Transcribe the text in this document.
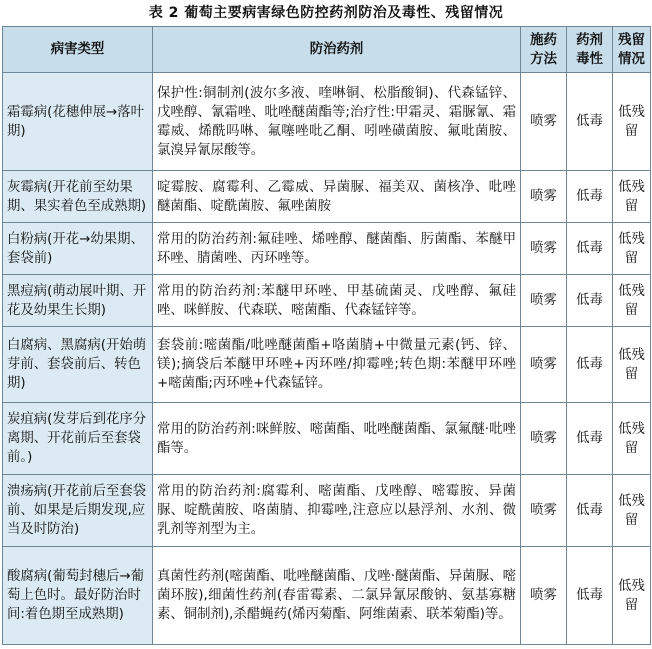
表 2 葡萄主要病害绿色防控药剂防治及毒性、残留情况
病害类型	防治药剂	施药方法	药剂毒性	残留情况
霜霉病(花穗伸展→落叶期)	保护性:铜制剂(波尔多液、喹啉铜、松脂酸铜)、代森锰锌、戊唑醇、氰霜唑、吡唑醚菌酯等;治疗性:甲霜灵、霜脲氰、霜霉威、烯酰吗啉、氟噻唑吡乙酮、吲唑磺菌胺、氟吡菌胺、氯溴异氰尿酸等。	喷雾	低毒	低残留
灰霉病(开花前至幼果期、果实着色至成熟期)	啶霉胺、腐霉利、乙霉威、异菌脲、福美双、菌核净、吡唑醚菌酯、啶酰菌胺、氟唑菌胺	喷雾	低毒	低残留
白粉病(开花→幼果期、套袋前)	常用的防治药剂:氟硅唑、烯唑醇、醚菌酯、肟菌酯、苯醚甲环唑、腈菌唑、丙环唑等。	喷雾	低毒	低残留
黑痘病(萌动展叶期、开花及幼果生长期)	常用的防治药剂:苯醚甲环唑、甲基硫菌灵、戊唑醇、氟硅唑、咪鲜胺、代森联、嘧菌酯、代森锰锌等。	喷雾	低毒	低残留
白腐病、黑腐病(开始萌芽前、套袋前后、转色期)	套袋前:嘧菌酯/吡唑醚菌酯+咯菌腈+中微量元素(钙、锌、镁);摘袋后苯醚甲环唑+丙环唑/抑霉唑;转色期:苯醚甲环唑+嘧菌酯;丙环唑+代森锰锌。	喷雾	低毒	低残留
炭疽病(发芽后到花序分离期、开花前后至套袋前。)	常用的防治药剂:咪鲜胺、嘧菌酯、吡唑醚菌酯、氯氟醚·吡唑酯等。	喷雾	低毒	低残留
溃疡病(开花前后至套袋前、如果是后期发现,应当及时防治)	常用的防治药剂:腐霉利、嘧菌酯、戊唑醇、嘧霉胺、异菌脲、啶酰菌胺、咯菌腈、抑霉唑,注意应以悬浮剂、水剂、微乳剂等剂型为主。	喷雾	低毒	低残留
酸腐病(葡萄封穗后→葡萄上色时。最好防治时间:着色期至成熟期)	真菌性药剂(嘧菌酯、吡唑醚菌酯、戊唑·醚菌酯、异菌脲、嘧菌环胺),细菌性药剂(春雷霉素、二氯异氰尿酸钠、氨基寡糖素、铜制剂),杀醋蝇药(烯丙菊酯、阿维菌素、联苯菊酯)等。	喷雾	低毒	低残留
